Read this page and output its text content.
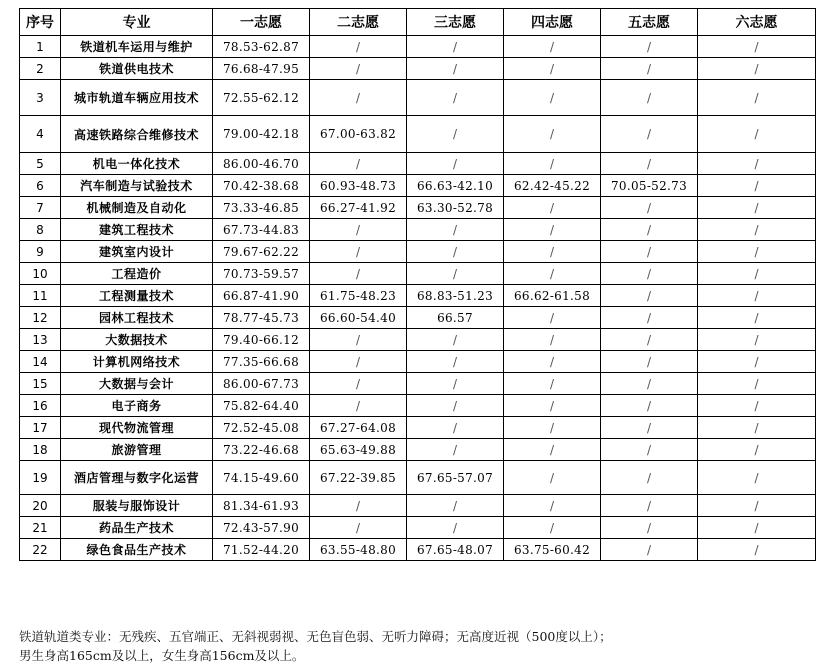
序号	专业	一志愿	二志愿	三志愿	四志愿	五志愿	六志愿
1	铁道机车运用与维护	78.53-62.87	/	/	/	/	/
2	铁道供电技术	76.68-47.95	/	/	/	/	/
3	城市轨道车辆应用技术	72.55-62.12	/	/	/	/	/
4	高速铁路综合维修技术	79.00-42.18	67.00-63.82	/	/	/	/
5	机电一体化技术	86.00-46.70	/	/	/	/	/
6	汽车制造与试验技术	70.42-38.68	60.93-48.73	66.63-42.10	62.42-45.22	70.05-52.73	/
7	机械制造及自动化	73.33-46.85	66.27-41.92	63.30-52.78	/	/	/
8	建筑工程技术	67.73-44.83	/	/	/	/	/
9	建筑室内设计	79.67-62.22	/	/	/	/	/
10	工程造价	70.73-59.57	/	/	/	/	/
11	工程测量技术	66.87-41.90	61.75-48.23	68.83-51.23	66.62-61.58	/	/
12	园林工程技术	78.77-45.73	66.60-54.40	66.57	/	/	/
13	大数据技术	79.40-66.12	/	/	/	/	/
14	计算机网络技术	77.35-66.68	/	/	/	/	/
15	大数据与会计	86.00-67.73	/	/	/	/	/
16	电子商务	75.82-64.40	/	/	/	/	/
17	现代物流管理	72.52-45.08	67.27-64.08	/	/	/	/
18	旅游管理	73.22-46.68	65.63-49.88	/	/	/	/
19	酒店管理与数字化运营	74.15-49.60	67.22-39.85	67.65-57.07	/	/	/
20	服装与服饰设计	81.34-61.93	/	/	/	/	/
21	药品生产技术	72.43-57.90	/	/	/	/	/
22	绿色食品生产技术	71.52-44.20	63.55-48.80	67.65-48.07	63.75-60.42	/	/
铁道轨道类专业：无残疾、五官端正、无斜视弱视、无色盲色弱、无听力障碍；无高度近视（500度以上）；
男生身高165cm及以上，女生身高156cm及以上。
